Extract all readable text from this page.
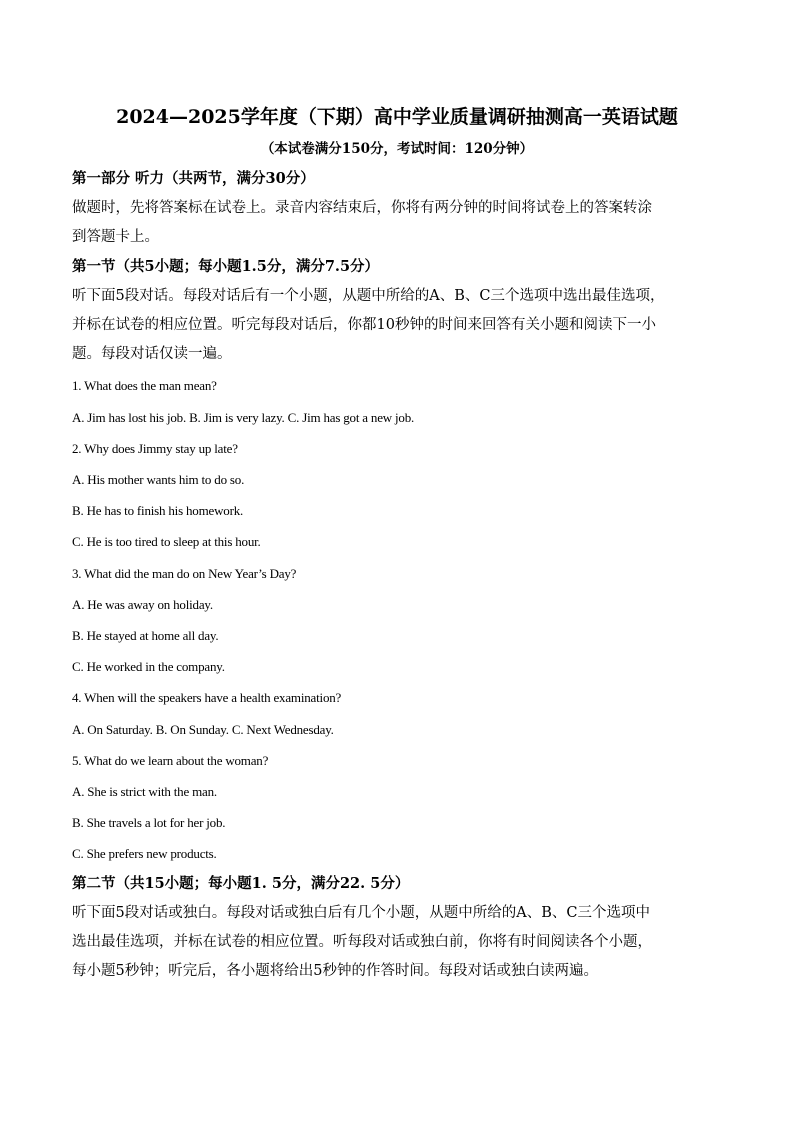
2024—2025学年度（下期）高中学业质量调研抽测高一英语试题
（本试卷满分150分，考试时间：120分钟）
第一部分 听力（共两节，满分30分）
做题时，先将答案标在试卷上。录音内容结束后，你将有两分钟的时间将试卷上的答案转涂
到答题卡上。
第一节（共5小题；每小题1.5分，满分7.5分）
听下面5段对话。每段对话后有一个小题，从题中所给的A、B、C三个选项中选出最佳选项，
并标在试卷的相应位置。听完每段对话后，你都10秒钟的时间来回答有关小题和阅读下一小
题。每段对话仅读一遍。
1. What does the man mean?
A. Jim has lost his job. B. Jim is very lazy. C. Jim has got a new job.
2. Why does Jimmy stay up late?
A. His mother wants him to do so.
B. He has to finish his homework.
C. He is too tired to sleep at this hour.
3. What did the man do on New Year’s Day?
A. He was away on holiday.
B. He stayed at home all day.
C. He worked in the company.
4. When will the speakers have a health examination?
A. On Saturday. B. On Sunday. C. Next Wednesday.
5. What do we learn about the woman?
A. She is strict with the man.
B. She travels a lot for her job.
C. She prefers new products.
第二节（共15小题；每小题1. 5分，满分22. 5分）
听下面5段对话或独白。每段对话或独白后有几个小题，从题中所给的A、B、C三个选项中
选出最佳选项，并标在试卷的相应位置。听每段对话或独白前，你将有时间阅读各个小题，
每小题5秒钟；听完后，各小题将给出5秒钟的作答时间。每段对话或独白读两遍。
